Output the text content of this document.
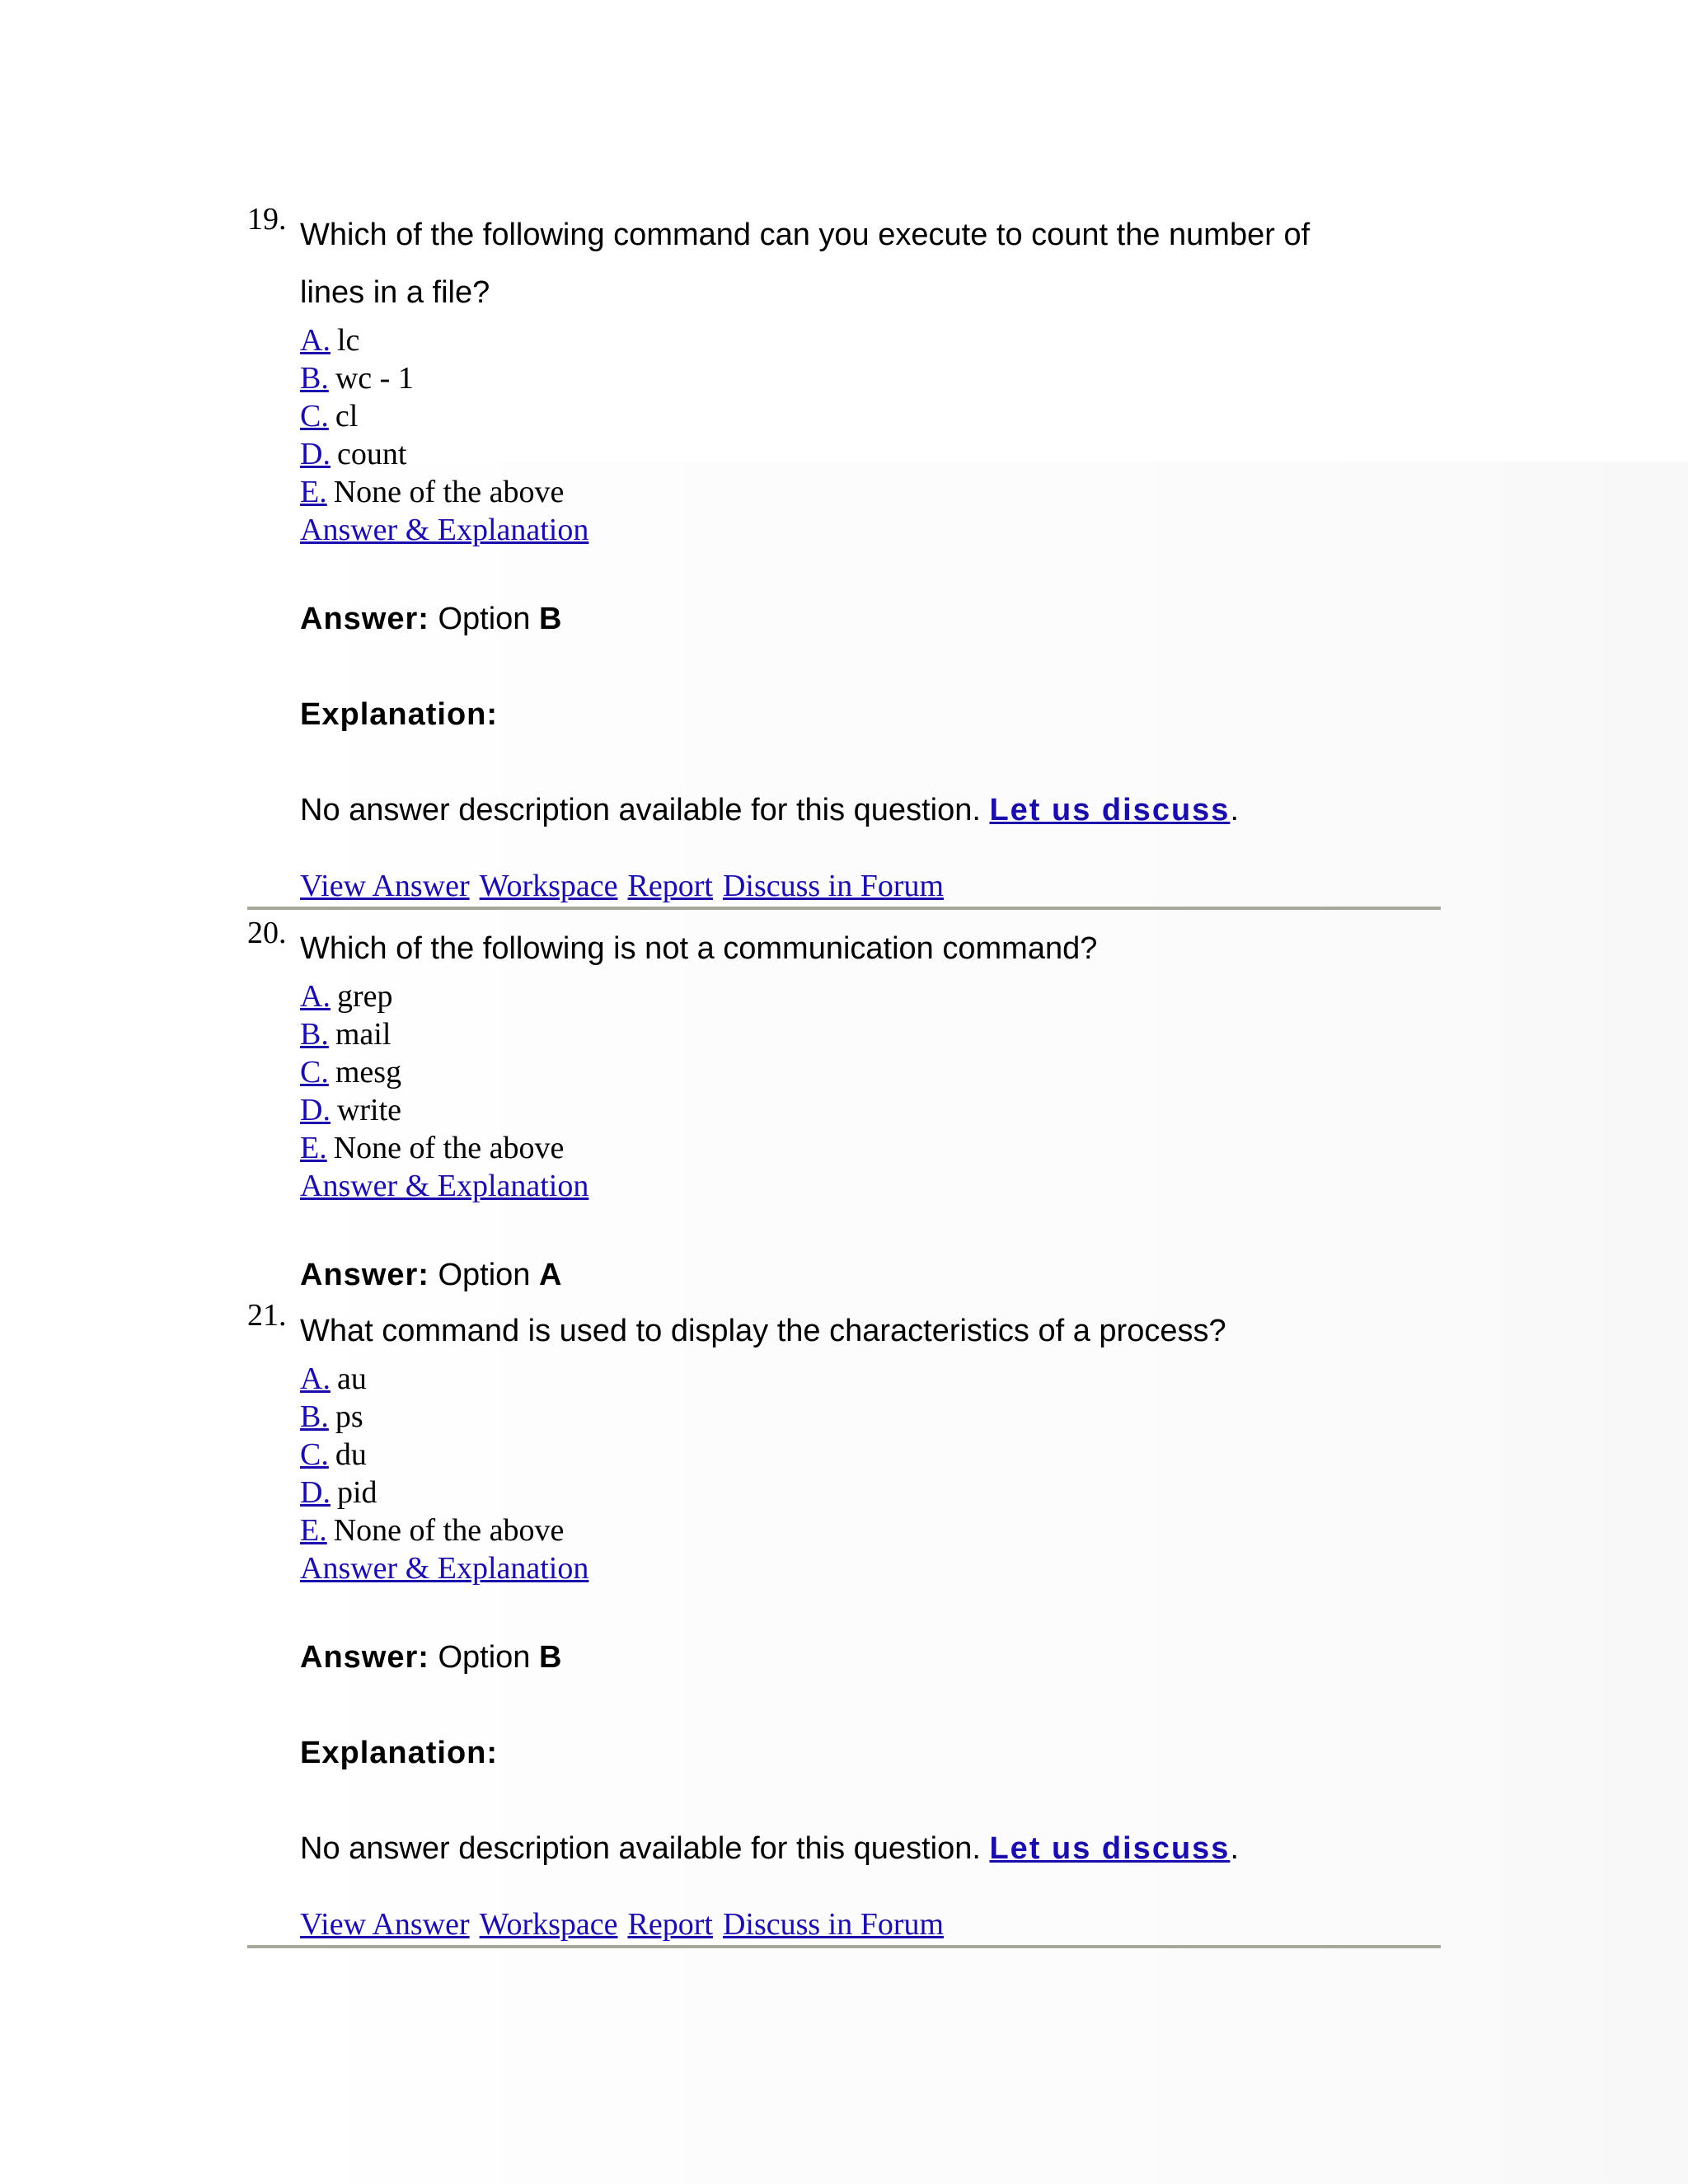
19. Which of the following command can you execute to count the number of
lines in a file?

A. lc
B. wc - 1
C. cl
D. count
E. None of the above
Answer & Explanation
Answer: Option B
Explanation:
No answer description available for this question. Let us discuss.
View Answer Workspace Report Discuss in Forum
20. Which of the following is not a communication command?

A. grep
B. mail
C. mesg
D. write
E. None of the above
Answer & Explanation
Answer: Option A
21. What command is used to display the characteristics of a process?

A. au
B. ps
C. du
D. pid
E. None of the above
Answer & Explanation
Answer: Option B
Explanation:
No answer description available for this question. Let us discuss.
View Answer Workspace Report Discuss in Forum
